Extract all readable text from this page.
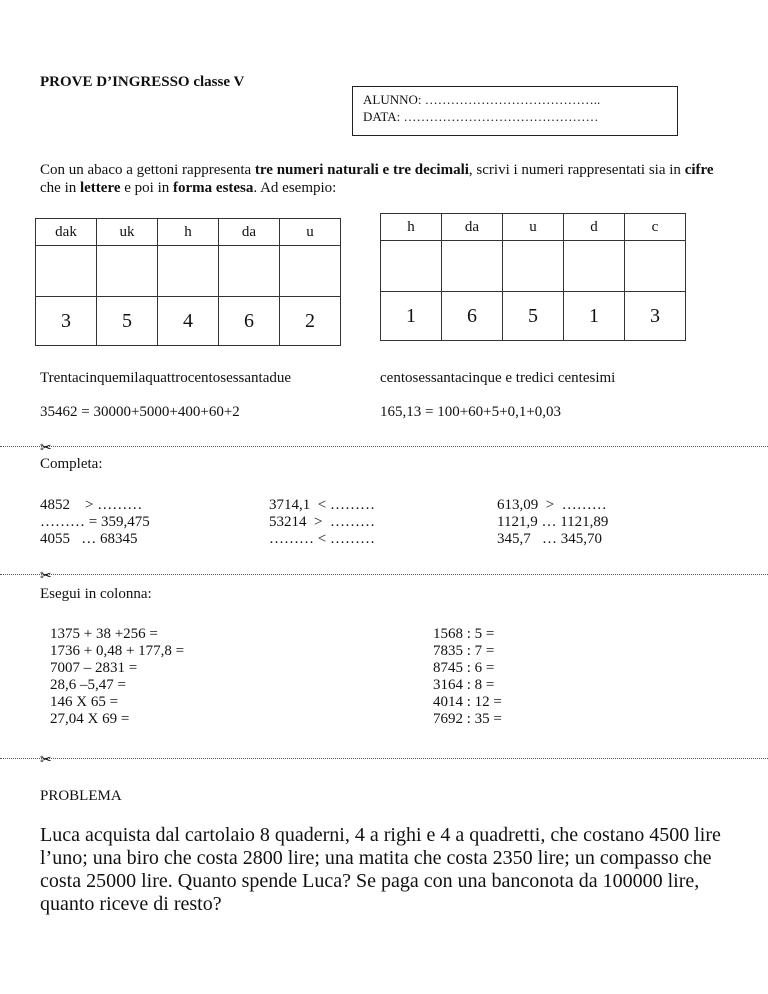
PROVE D’INGRESSO classe V
ALUNNO: …………………………………..
DATA: ………………………………………
Con un abaco a gettoni rappresenta tre numeri naturali e tre decimali, scrivi i numeri rappresentati sia in cifre che in lettere e poi in forma estesa. Ad esempio:
dak	uk	h	da	u

3	5	4	6	2
h	da	u	d	c

1	6	5	1	3
Trentacinquemilaquattrocentosessantadue	centosessantacinque e tredici centesimi
35462 = 30000+5000+400+60+2	165,13 = 100+60+5+0,1+0,03
✂
Completa:
4852    > ………
……… = 359,475
4055   … 68345
3714,1  < ………
53214  >  ………
……… < ………
613,09  >  ………
1121,9 … 1121,89
345,7   … 345,70
✂
Esegui in colonna:
1375 + 38 +256 =
1736 + 0,48 + 177,8 =
7007 – 2831 =
28,6 –5,47 =
146 X 65 =
27,04 X 69 =
1568 : 5 =
7835 : 7 =
8745 : 6 =
3164 : 8 =
4014 : 12 =
7692 : 35 =
✂
PROBLEMA
Luca acquista dal cartolaio 8 quaderni, 4 a righi e 4 a quadretti, che costano 4500 lire l’uno; una biro che costa 2800 lire; una matita che costa 2350 lire; un compasso che costa 25000 lire. Quanto spende Luca? Se paga con una banconota da 100000 lire, quanto riceve di resto?
